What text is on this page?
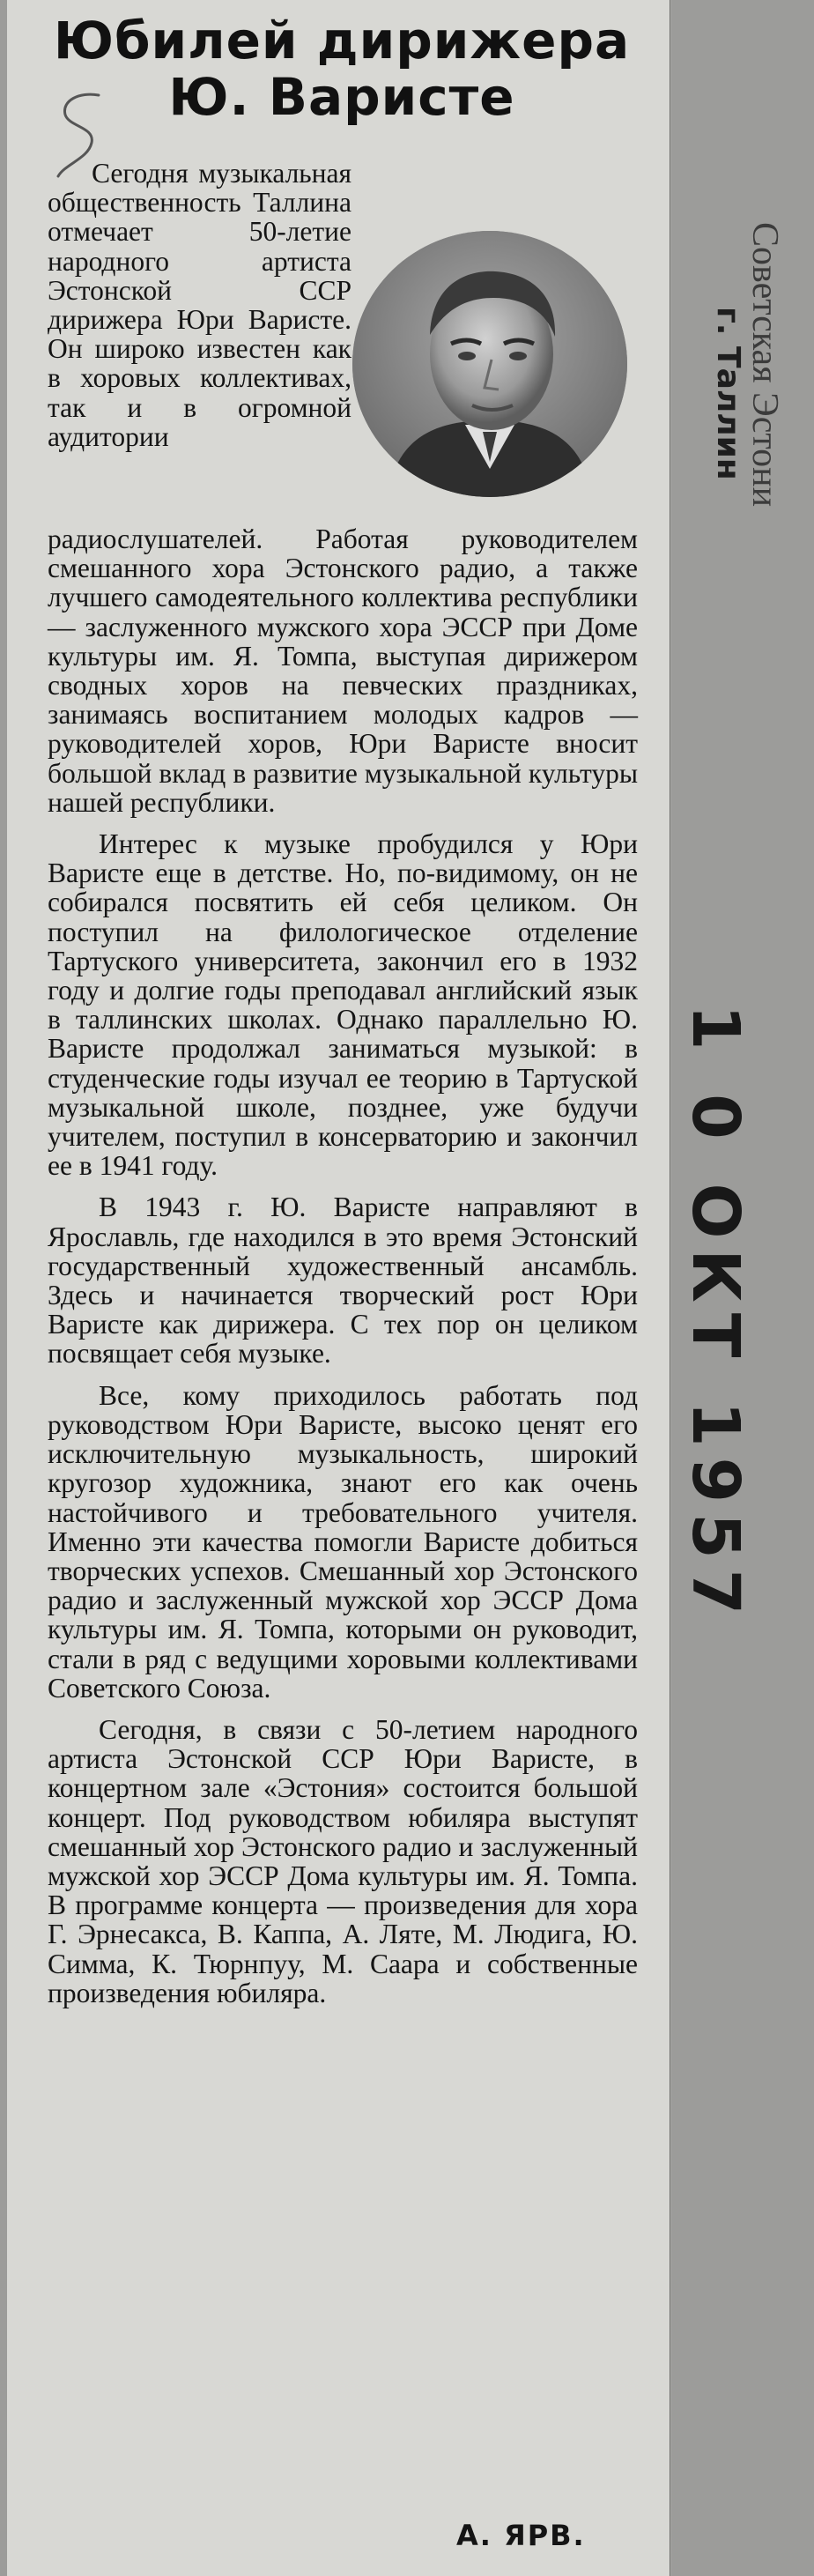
Юбилей дирижера
Ю. Варисте
Сегодня музыкальная общественность Таллина отмечает 50-летие народного артиста Эстонской ССР дирижера Юри Варисте. Он широко известен как в хоровых коллективах, так и в огромной аудитории

радиослушателей. Работая руководителем смешанного хора Эстонского радио, а также лучшего самодеятельного коллектива республики — заслуженного мужского хора ЭССР при Доме культуры им. Я. Томпа, выступая дирижером сводных хоров на певческих праздниках, занимаясь воспитанием молодых кадров — руководителей хоров, Юри Варисте вносит большой вклад в развитие музыкальной культуры нашей республики.

Интерес к музыке пробудился у Юри Варисте еще в детстве. Но, по-видимому, он не собирался посвятить ей себя целиком. Он поступил на филологическое отделение Тартуского университета, закончил его в 1932 году и долгие годы преподавал английский язык в таллинских школах. Однако параллельно Ю. Варисте продолжал заниматься музыкой: в студенческие годы изучал ее теорию в Тартуской музыкальной школе, позднее, уже будучи учителем, поступил в консерваторию и закончил ее в 1941 году.

В 1943 г. Ю. Варисте направляют в Ярославль, где находился в это время Эстонский государственный художественный ансамбль. Здесь и начинается творческий рост Юри Варисте как дирижера. С тех пор он целиком посвящает себя музыке.

Все, кому приходилось работать под руководством Юри Варисте, высоко ценят его исключительную музыкальность, широкий кругозор художника, знают его как очень настойчивого и требовательного учителя. Именно эти качества помогли Варисте добиться творческих успехов. Смешанный хор Эстонского радио и заслуженный мужской хор ЭССР Дома культуры им. Я. Томпа, которыми он руководит, стали в ряд с ведущими хоровыми коллективами Советского Союза.

Сегодня, в связи с 50-летием народного артиста Эстонской ССР Юри Варисте, в концертном зале «Эстония» состоится большой концерт. Под руководством юбиляра выступят смешанный хор Эстонского радио и заслуженный мужской хор ЭССР Дома культуры им. Я. Томпа. В программе концерта — произведения для хора Г. Эрнесакса, В. Каппа, А. Ляте, М. Людига, Ю. Симма, К. Тюрнпуу, М. Саара и собственные произведения юбиляра.

А. ЯРВ.
Советская Эстони
г. Таллин
1 0 ОКТ 1957
